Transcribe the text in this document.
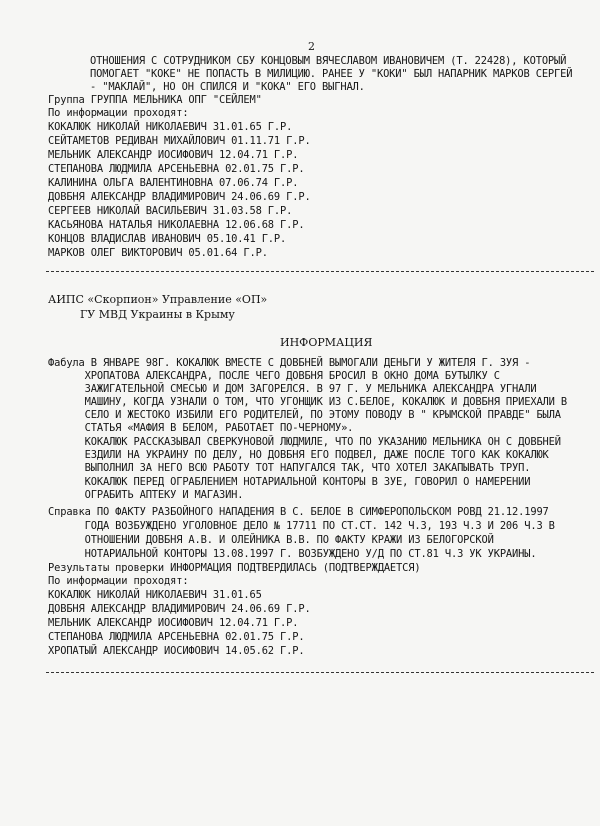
2
ОТНОШЕНИЯ С СОТРУДНИКОМ СБУ КОНЦОВЫМ ВЯЧЕСЛАВОМ ИВАНОВИЧЕМ (Т. 22428), КОТОРЫЙ
ПОМОГАЕТ "КОКЕ" НЕ ПОПАСТЬ В МИЛИЦИЮ. РАНЕЕ У "КОКИ" БЫЛ НАПАРНИК МАРКОВ СЕРГЕЙ
- "МАКЛАЙ", НО ОН СПИЛСЯ И "КОКА" ЕГО ВЫГНАЛ.
Группа ГРУППА МЕЛЬНИКА ОПГ "СЕЙЛЕМ"
По информации проходят:
КОКАЛЮК НИКОЛАЙ НИКОЛАЕВИЧ 31.01.65 Г.Р.
СЕЙТАМЕТОВ РЕДИВАН МИХАЙЛОВИЧ 01.11.71 Г.Р.
МЕЛЬНИК АЛЕКСАНДР ИОСИФОВИЧ 12.04.71 Г.Р.
СТЕПАНОВА ЛЮДМИЛА АРСЕНЬЕВНА 02.01.75 Г.Р.
КАЛИНИНА ОЛЬГА ВАЛЕНТИНОВНА 07.06.74 Г.Р.
ДОВБНЯ АЛЕКСАНДР ВЛАДИМИРОВИЧ 24.06.69 Г.Р.
СЕРГЕЕВ НИКОЛАЙ ВАСИЛЬЕВИЧ 31.03.58 Г.Р.
КАСЬЯНОВА НАТАЛЬЯ НИКОЛАЕВНА 12.06.68 Г.Р.
КОНЦОВ ВЛАДИСЛАВ ИВАНОВИЧ 05.10.41 Г.Р.
МАРКОВ ОЛЕГ ВИКТОРОВИЧ 05.01.64 Г.Р.
АИПС «Скорпион» Управление «ОП»
ГУ МВД Украины в Крыму
ИНФОРМАЦИЯ
Фабула В ЯНВАРЕ 98Г. КОКАЛЮК ВМЕСТЕ С ДОВБНЕЙ ВЫМОГАЛИ ДЕНЬГИ У ЖИТЕЛЯ Г. ЗУЯ -
ХРОПАТОВА АЛЕКСАНДРА, ПОСЛЕ ЧЕГО ДОВБНЯ БРОСИЛ В ОКНО ДОМА БУТЫЛКУ С
ЗАЖИГАТЕЛЬНОЙ СМЕСЬЮ И ДОМ ЗАГОРЕЛСЯ. В 97 Г. У МЕЛЬНИКА АЛЕКСАНДРА УГНАЛИ
МАШИНУ, КОГДА УЗНАЛИ О ТОМ, ЧТО УГОНЩИК ИЗ С.БЕЛОЕ, КОКАЛЮК И ДОВБНЯ ПРИЕХАЛИ В
СЕЛО И ЖЕСТОКО ИЗБИЛИ ЕГО РОДИТЕЛЕЙ, ПО ЭТОМУ ПОВОДУ В " КРЫМСКОЙ ПРАВДЕ" БЫЛА
СТАТЬЯ «МАФИЯ В БЕЛОМ, РАБОТАЕТ ПО-ЧЕРНОМУ».
КОКАЛЮК РАССКАЗЫВАЛ СВЕРКУНОВОЙ ЛЮДМИЛЕ, ЧТО ПО УКАЗАНИЮ МЕЛЬНИКА ОН С ДОВБНЕЙ
ЕЗДИЛИ НА УКРАИНУ ПО ДЕЛУ, НО ДОВБНЯ ЕГО ПОДВЕЛ, ДАЖЕ ПОСЛЕ ТОГО КАК КОКАЛЮК
ВЫПОЛНИЛ ЗА НЕГО ВСЮ РАБОТУ ТОТ НАПУГАЛСЯ ТАК, ЧТО ХОТЕЛ ЗАКАПЫВАТЬ ТРУП.
КОКАЛЮК ПЕРЕД ОГРАБЛЕНИЕМ НОТАРИАЛЬНОЙ КОНТОРЫ В ЗУЕ, ГОВОРИЛ О НАМЕРЕНИИ
ОГРАБИТЬ АПТЕКУ И МАГАЗИН.
Справка ПО ФАКТУ РАЗБОЙНОГО НАПАДЕНИЯ В С. БЕЛОЕ В СИМФЕРОПОЛЬСКОМ РОВД 21.12.1997
ГОДА ВОЗБУЖДЕНО УГОЛОВНОЕ ДЕЛО № 17711 ПО СТ.СТ. 142 Ч.3, 193 Ч.3 И 206 Ч.3 В
ОТНОШЕНИИ ДОВБНЯ А.В. И ОЛЕЙНИКА В.В. ПО ФАКТУ КРАЖИ ИЗ БЕЛОГОРСКОЙ
НОТАРИАЛЬНОЙ КОНТОРЫ 13.08.1997 Г. ВОЗБУЖДЕНО У/Д ПО СТ.81 Ч.3 УК УКРАИНЫ.
Результаты проверки ИНФОРМАЦИЯ ПОДТВЕРДИЛАСЬ (ПОДТВЕРЖДАЕТСЯ)
По информации проходят:
КОКАЛЮК НИКОЛАЙ НИКОЛАЕВИЧ 31.01.65
ДОВБНЯ АЛЕКСАНДР ВЛАДИМИРОВИЧ 24.06.69 Г.Р.
МЕЛЬНИК АЛЕКСАНДР ИОСИФОВИЧ 12.04.71 Г.Р.
СТЕПАНОВА ЛЮДМИЛА АРСЕНЬЕВНА 02.01.75 Г.Р.
ХРОПАТЫЙ АЛЕКСАНДР ИОСИФОВИЧ 14.05.62 Г.Р.
